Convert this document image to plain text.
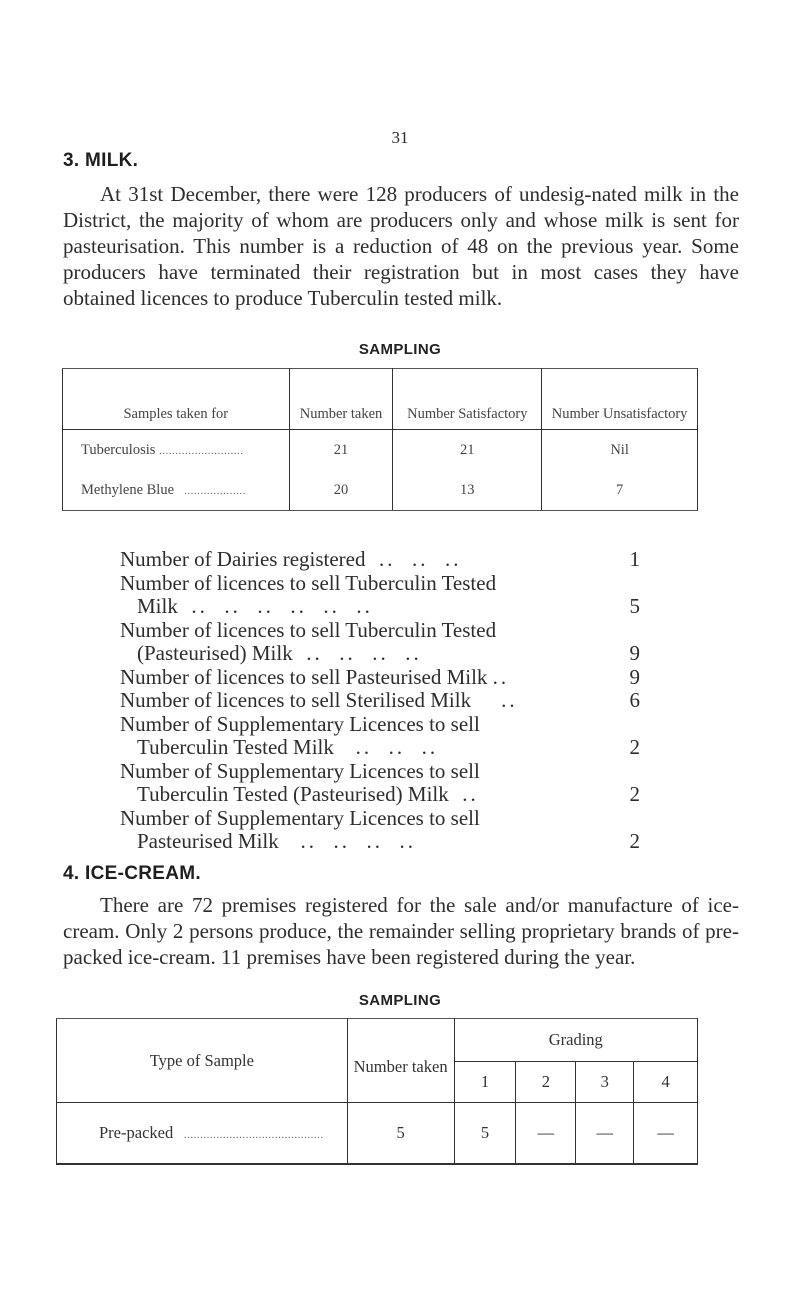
31
3. MILK.
At 31st December, there were 128 producers of undesig-nated milk in the District, the majority of whom are producers only and whose milk is sent for pasteurisation. This number is a reduction of 48 on the previous year. Some producers have terminated their registration but in most cases they have obtained licences to produce Tuberculin tested milk.
SAMPLING
Samples taken for	Number taken	Number Satisfactory	Number Unsatisfactory
Tuberculosis ..........................	21	21	Nil
Methylene Blue   ...................	20	13	7
Number of Dairies registered  ..  ..  ..	1
Number of licences to sell Tuberculin Tested
Milk  ..  ..  ..  ..  ..  ..	5
Number of licences to sell Tuberculin Tested
(Pasteurised) Milk  ..  ..  ..  ..	9
Number of licences to sell Pasteurised Milk ..	9
Number of licences to sell Sterilised Milk    ..	6
Number of Supplementary Licences to sell
Tuberculin Tested Milk   ..  ..  ..	2
Number of Supplementary Licences to sell
Tuberculin Tested (Pasteurised) Milk  ..	2
Number of Supplementary Licences to sell
Pasteurised Milk   ..  ..  ..  ..	2
4. ICE-CREAM.
There are 72 premises registered for the sale and/or manufacture of ice-cream. Only 2 persons produce, the remainder selling proprietary brands of pre-packed ice-cream. 11 premises have been registered during the year.
SAMPLING
Type of Sample	Number taken	Grading			
		1	2	3	4
Pre-packed   ...........................................	5	5	—	—	—
